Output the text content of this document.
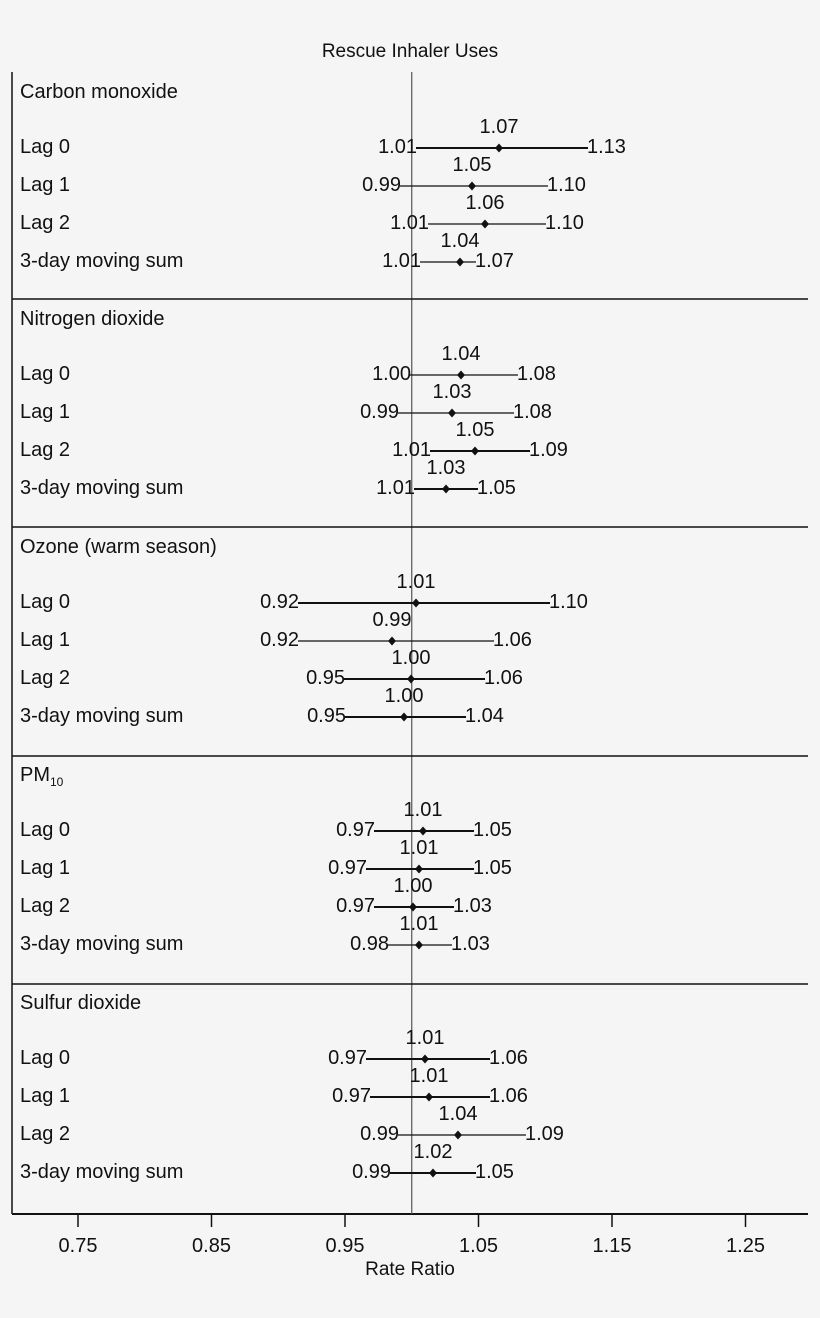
Rescue Inhaler Uses
Rate Ratio
0.75	0.85	0.95	1.05	1.15	1.25
Carbon monoxide
Lag 0	1.01	1.13
1.07
Lag 1	0.99	1.10
1.05
Lag 2	1.01	1.10
1.06
3-day moving sum	1.01	1.07
1.04
Nitrogen dioxide
Lag 0	1.00	1.08
1.04
Lag 1	0.99	1.08
1.03
Lag 2	1.01	1.09
1.05
3-day moving sum	1.01	1.05
1.03
Ozone (warm season)
Lag 0	0.92	1.10
1.01
Lag 1	0.92	1.06
0.99
Lag 2	0.95	1.06
1.00
3-day moving sum	0.95	1.04
1.00
$PM_{10}$
Lag 0	0.97	1.05
1.01
Lag 1	0.97	1.05
1.01
Lag 2	0.97	1.03
1.00
3-day moving sum	0.98	1.03
1.01
Sulfur dioxide
Lag 0	0.97	1.06
1.01
Lag 1	0.97	1.06
1.01
Lag 2	0.99	1.09
1.04
3-day moving sum	0.99	1.05
1.02
